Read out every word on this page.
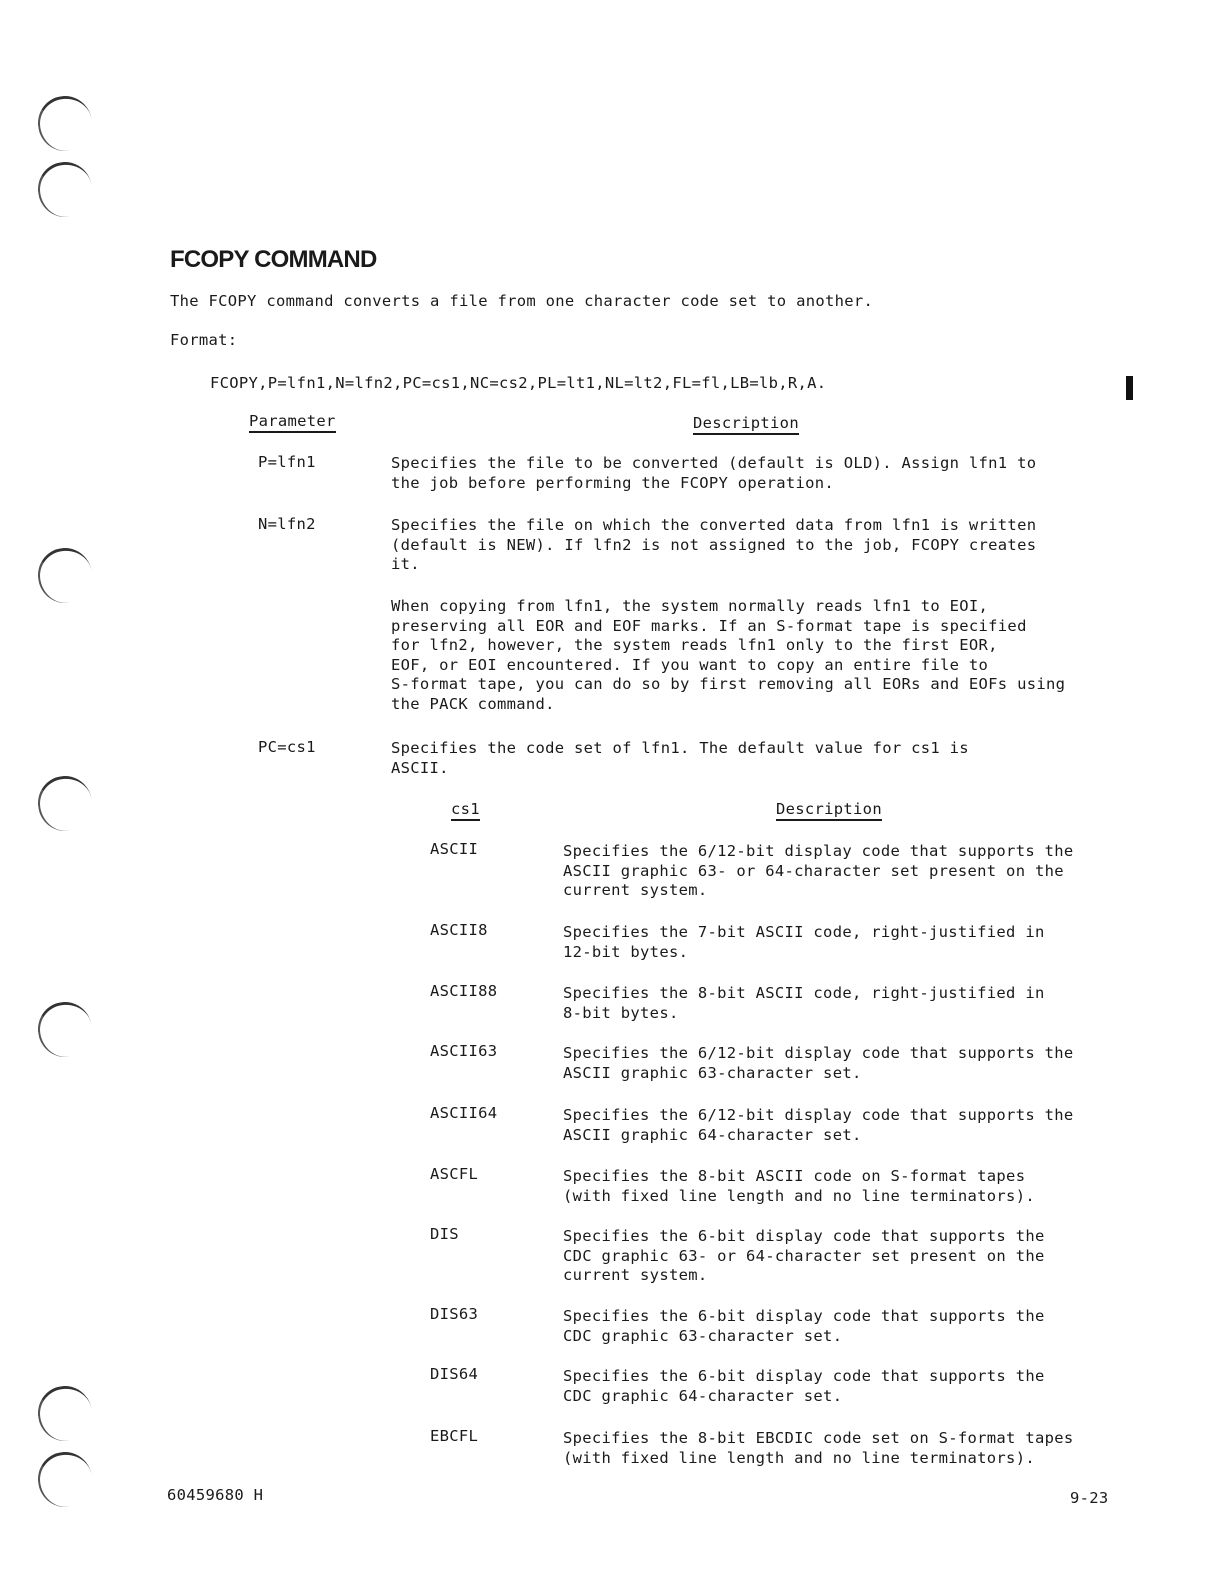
FCOPY COMMAND
The FCOPY command converts a file from one character code set to another.
Format:
FCOPY,P=lfn1,N=lfn2,PC=cs1,NC=cs2,PL=lt1,NL=lt2,FL=fl,LB=lb,R,A.
Parameter	Description
P=lfn1	Specifies the file to be converted (default is OLD). Assign lfn1 to
the job before performing the FCOPY operation.
N=lfn2	Specifies the file on which the converted data from lfn1 is written
(default is NEW). If lfn2 is not assigned to the job, FCOPY creates
it.
When copying from lfn1, the system normally reads lfn1 to EOI,
preserving all EOR and EOF marks. If an S-format tape is specified
for lfn2, however, the system reads lfn1 only to the first EOR,
EOF, or EOI encountered. If you want to copy an entire file to
S-format tape, you can do so by first removing all EORs and EOFs using
the PACK command.
PC=cs1	Specifies the code set of lfn1. The default value for cs1 is
ASCII.
cs1	Description
ASCII	Specifies the 6/12-bit display code that supports the
ASCII graphic 63- or 64-character set present on the
current system.
ASCII8	Specifies the 7-bit ASCII code, right-justified in
12-bit bytes.
ASCII88	Specifies the 8-bit ASCII code, right-justified in
8-bit bytes.
ASCII63	Specifies the 6/12-bit display code that supports the
ASCII graphic 63-character set.
ASCII64	Specifies the 6/12-bit display code that supports the
ASCII graphic 64-character set.
ASCFL	Specifies the 8-bit ASCII code on S-format tapes
(with fixed line length and no line terminators).
DIS	Specifies the 6-bit display code that supports the
CDC graphic 63- or 64-character set present on the
current system.
DIS63	Specifies the 6-bit display code that supports the
CDC graphic 63-character set.
DIS64	Specifies the 6-bit display code that supports the
CDC graphic 64-character set.
EBCFL	Specifies the 8-bit EBCDIC code set on S-format tapes
(with fixed line length and no line terminators).
60459680 H	9-23
